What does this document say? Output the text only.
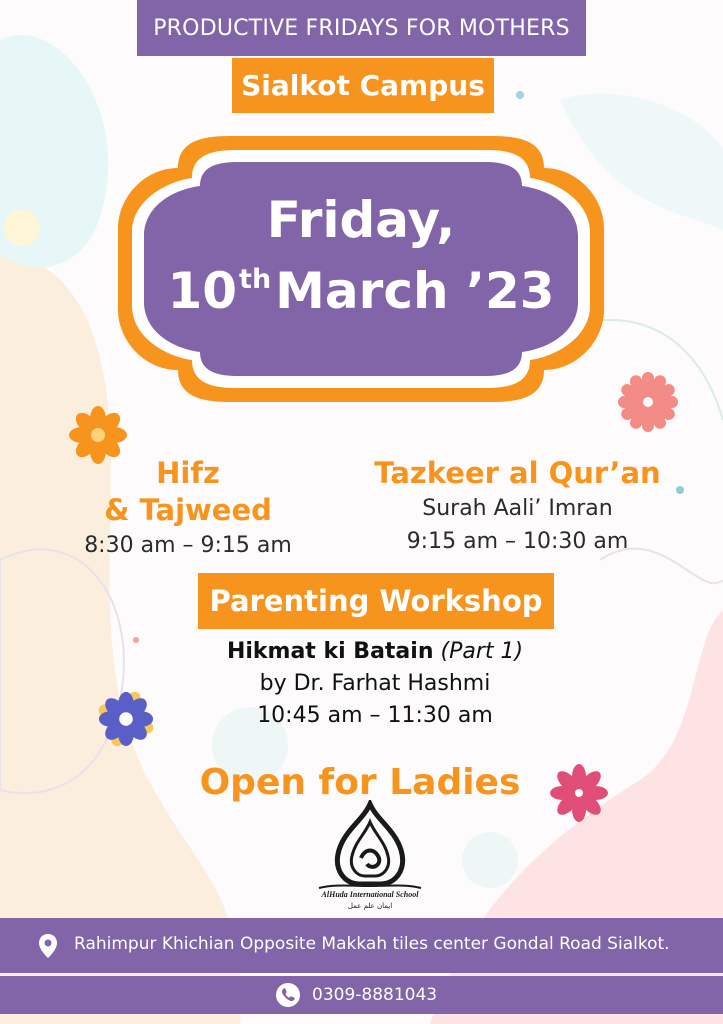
PRODUCTIVE FRIDAYS FOR MOTHERS
Sialkot Campus
Friday,
10thMarch ’23
Hifz
& Tajweed
8:30 am – 9:15 am
Tazkeer al Qur’an
Surah Aali’ Imran
9:15 am – 10:30 am
Parenting Workshop
Hikmat ki Batain (Part 1)
by Dr. Farhat Hashmi
10:45 am – 11:30 am
Open for Ladies
AlHuda International School
ایمان علم عمل
Rahimpur Khichian Opposite Makkah tiles center Gondal Road Sialkot.
0309-8881043
